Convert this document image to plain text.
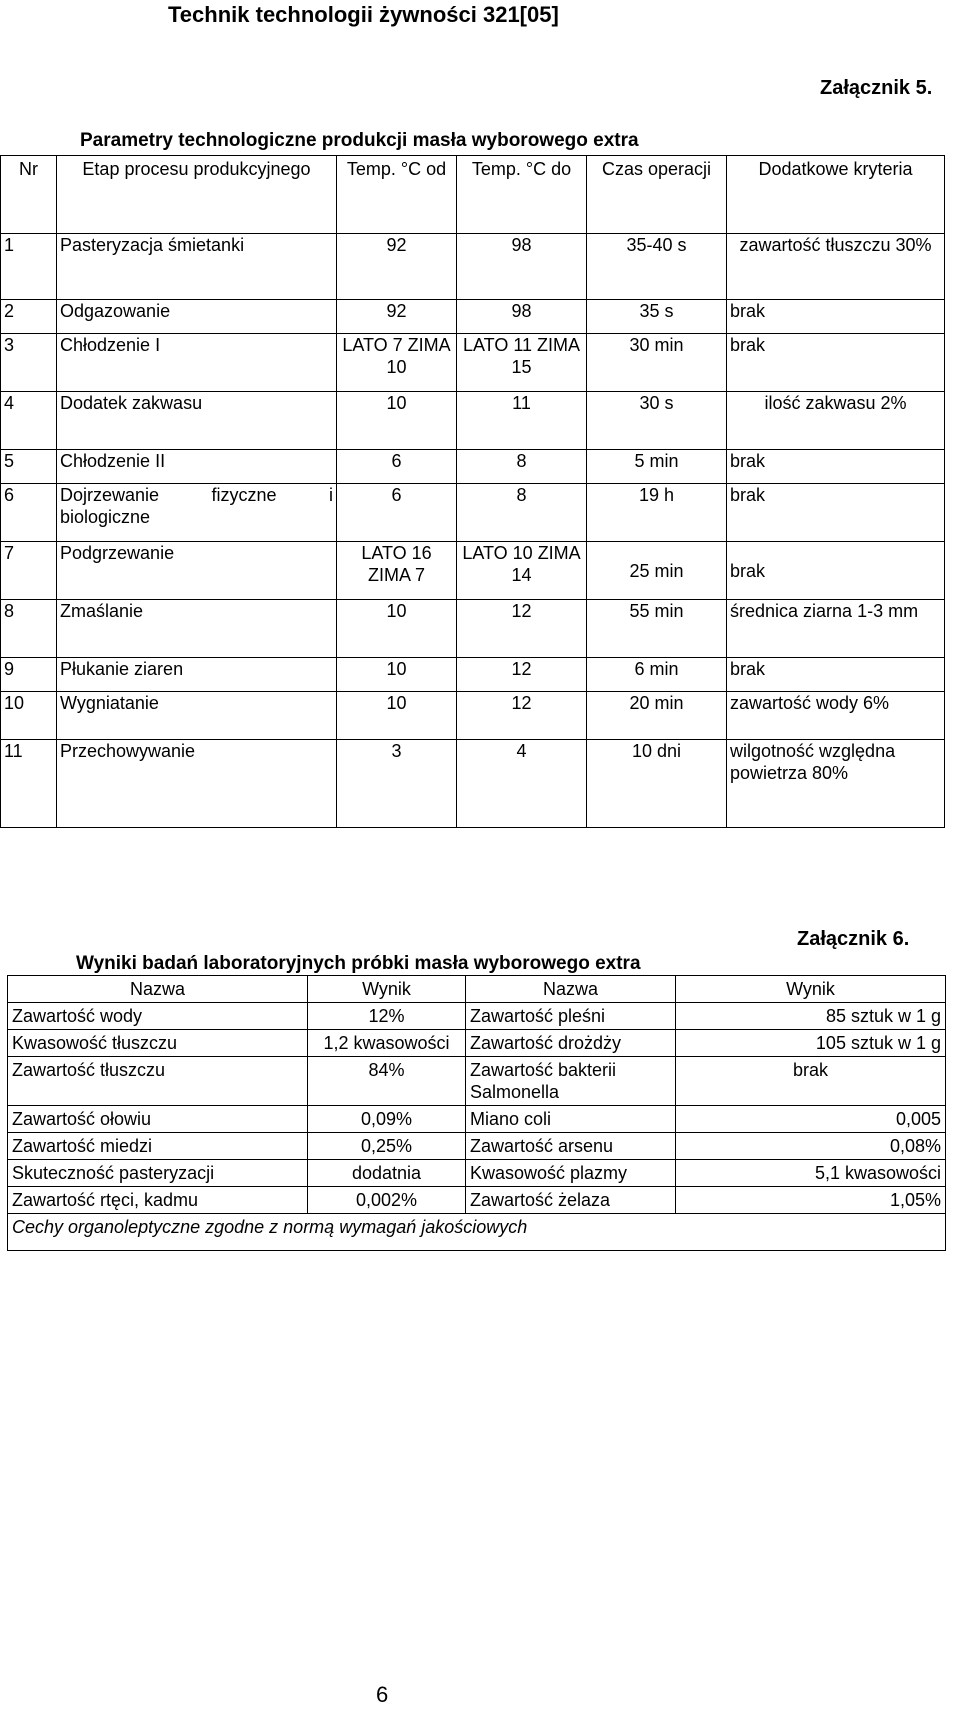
Technik technologii żywności 321[05]
Załącznik 5.
Parametry technologiczne produkcji masła wyborowego extra
Nr	Etap procesu produkcyjnego	Temp. °C od	Temp. °C do	Czas operacji	Dodatkowe kryteria
1	Pasteryzacja śmietanki	92	98	35-40 s	zawartość tłuszczu 30%
2	Odgazowanie	92	98	35 s	brak
3	Chłodzenie I	LATO 7 ZIMA 10	LATO 11 ZIMA 15	30 min	brak
4	Dodatek zakwasu	10	11	30 s	ilość zakwasu 2%
5	Chłodzenie II	6	8	5 min	brak
6	Dojrzewanie fizyczne i biologiczne	6	8	19 h	brak
7	Podgrzewanie	LATO 16 ZIMA 7	LATO 10 ZIMA 14	25 min	brak
8	Zmaślanie	10	12	55 min	średnica ziarna 1-3 mm
9	Płukanie ziaren	10	12	6 min	brak
10	Wygniatanie	10	12	20 min	zawartość wody 6%
11	Przechowywanie	3	4	10 dni	wilgotność względna powietrza 80%
Załącznik 6.
Wyniki badań laboratoryjnych próbki masła wyborowego extra
Nazwa	Wynik	Nazwa	Wynik
Zawartość wody	12%	Zawartość pleśni	85 sztuk w 1 g
Kwasowość tłuszczu	1,2 kwasowości	Zawartość drożdży	105 sztuk w 1 g
Zawartość tłuszczu	84%	Zawartość bakterii Salmonella	brak
Zawartość ołowiu	0,09%	Miano coli	0,005
Zawartość miedzi	0,25%	Zawartość arsenu	0,08%
Skuteczność pasteryzacji	dodatnia	Kwasowość plazmy	5,1 kwasowości
Zawartość rtęci, kadmu	0,002%	Zawartość żelaza	1,05%
Cechy organoleptyczne zgodne z normą wymagań jakościowych			
6
